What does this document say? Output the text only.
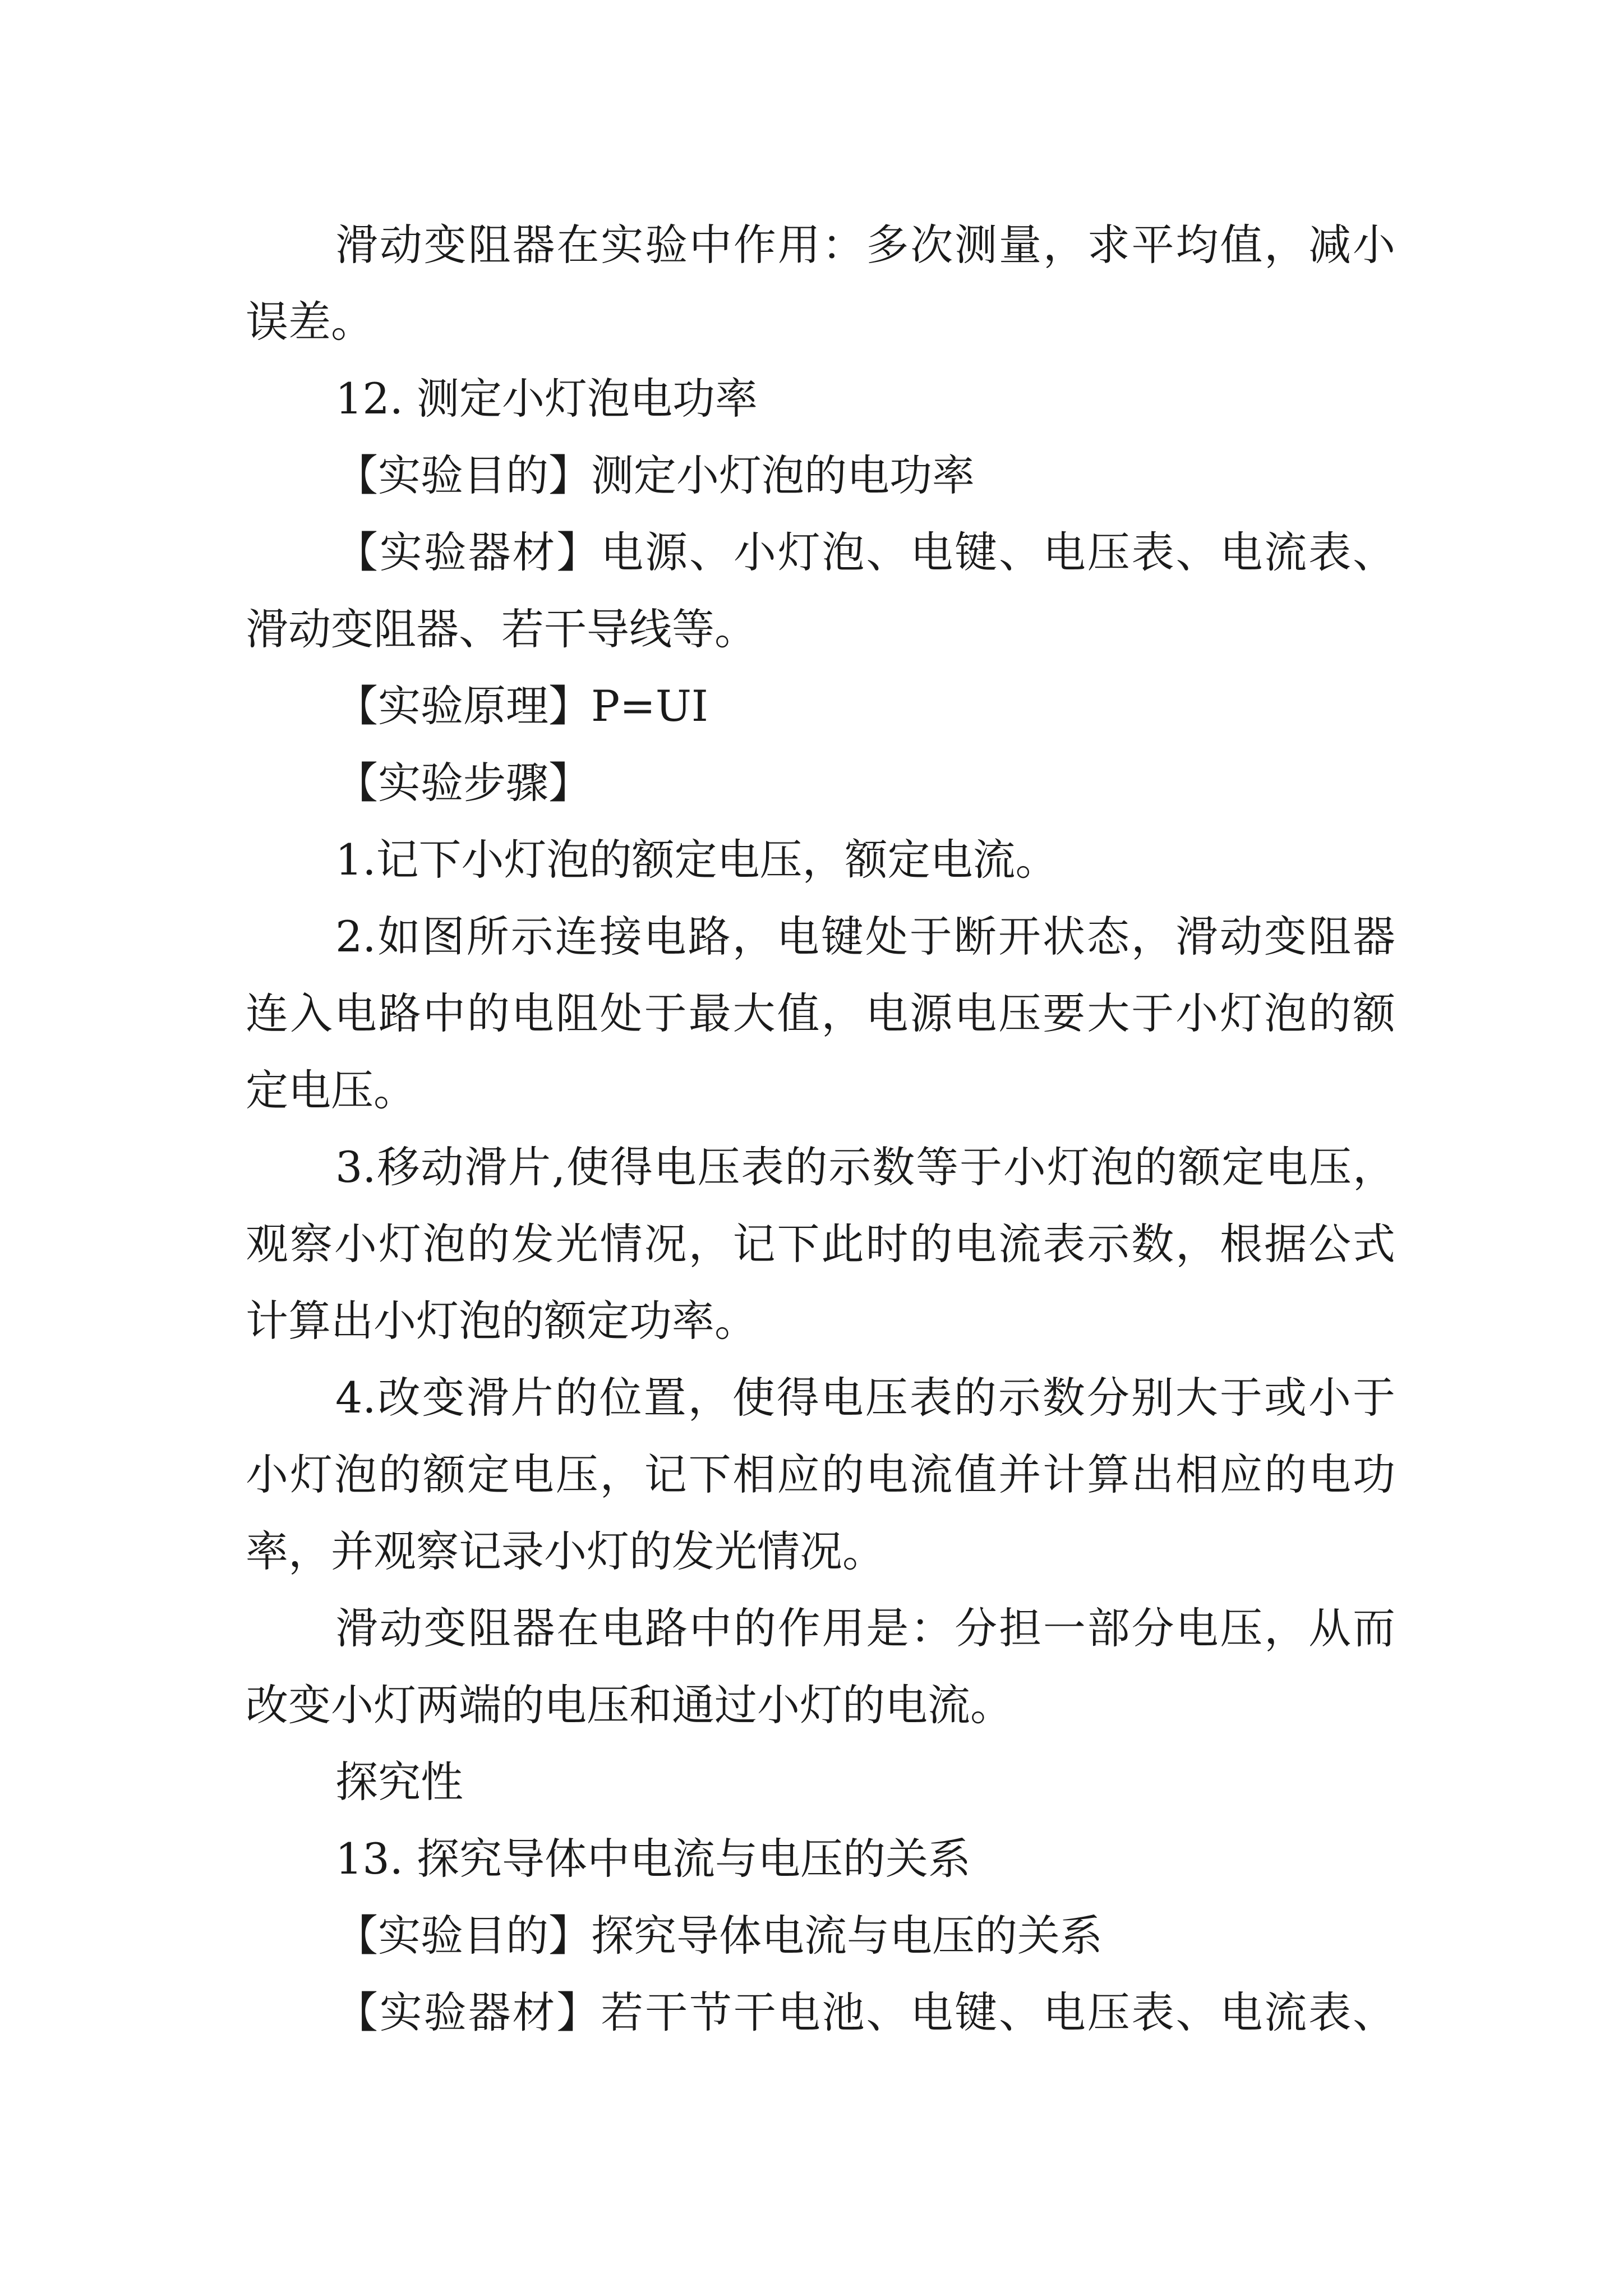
滑动变阻器在实验中作用：多次测量，求平均值，减小
误差。
12. 测定小灯泡电功率
【实验目的】测定小灯泡的电功率
【实验器材】电源、小灯泡、电键、电压表、电流表、
滑动变阻器、若干导线等。
【实验原理】P=UI
【实验步骤】
1.记下小灯泡的额定电压，额定电流。
2.如图所示连接电路，电键处于断开状态，滑动变阻器
连入电路中的电阻处于最大值，电源电压要大于小灯泡的额
定电压。
3.移动滑片,使得电压表的示数等于小灯泡的额定电压，
观察小灯泡的发光情况，记下此时的电流表示数，根据公式
计算出小灯泡的额定功率。
4.改变滑片的位置，使得电压表的示数分别大于或小于
小灯泡的额定电压，记下相应的电流值并计算出相应的电功
率，并观察记录小灯的发光情况。
滑动变阻器在电路中的作用是：分担一部分电压，从而
改变小灯两端的电压和通过小灯的电流。
探究性
13. 探究导体中电流与电压的关系
【实验目的】探究导体电流与电压的关系
【实验器材】若干节干电池、电键、电压表、电流表、
